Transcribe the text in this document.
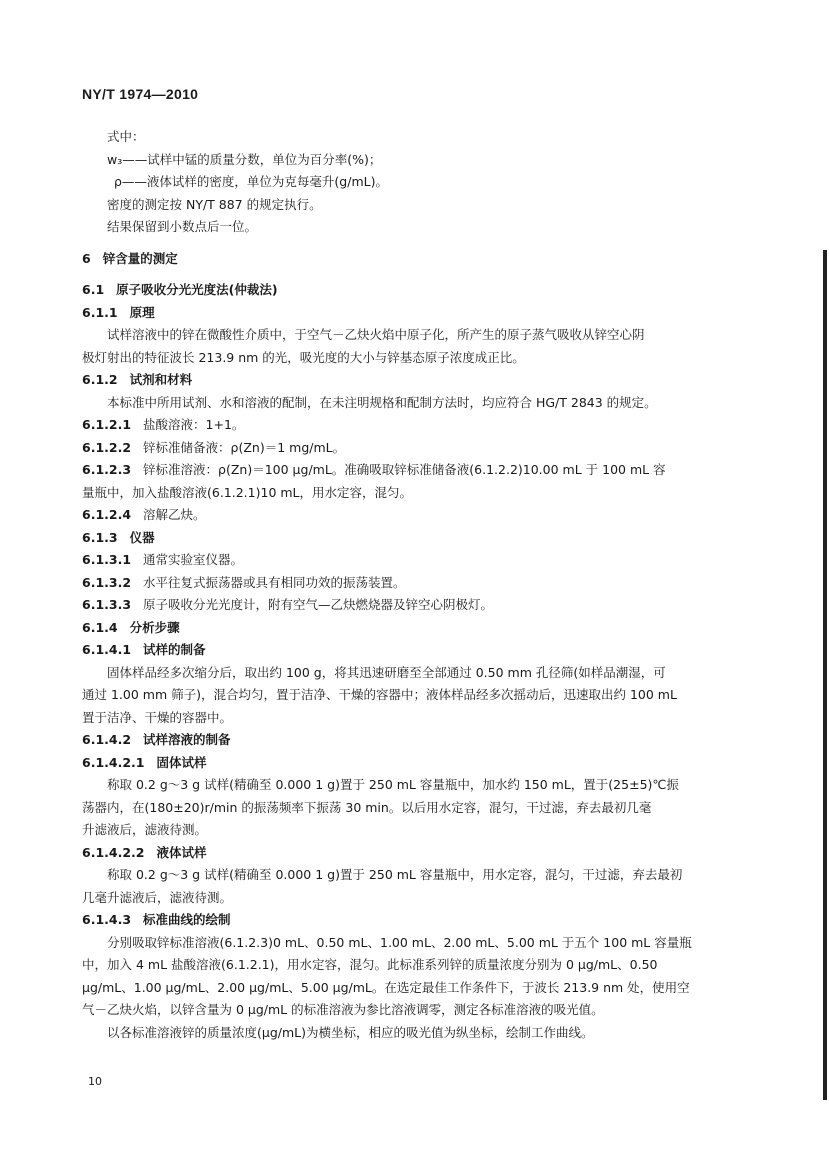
NY/T 1974—2010
式中：
w₃——试样中锰的质量分数，单位为百分率(%)；
ρ——液体试样的密度，单位为克每毫升(g/mL)。
密度的测定按 NY/T 887 的规定执行。
结果保留到小数点后一位。
6 锌含量的测定
6.1 原子吸收分光光度法(仲裁法)
6.1.1 原理
试样溶液中的锌在微酸性介质中，于空气－乙炔火焰中原子化，所产生的原子蒸气吸收从锌空心阴
极灯射出的特征波长 213.9 nm 的光，吸光度的大小与锌基态原子浓度成正比。
6.1.2 试剂和材料
本标准中所用试剂、水和溶液的配制，在未注明规格和配制方法时，均应符合 HG/T 2843 的规定。
6.1.2.1 盐酸溶液：1+1。
6.1.2.2 锌标准储备液：ρ(Zn)＝1 mg/mL。
6.1.2.3 锌标准溶液：ρ(Zn)＝100 μg/mL。准确吸取锌标准储备液(6.1.2.2)10.00 mL 于 100 mL 容
量瓶中，加入盐酸溶液(6.1.2.1)10 mL，用水定容，混匀。
6.1.2.4 溶解乙炔。
6.1.3 仪器
6.1.3.1 通常实验室仪器。
6.1.3.2 水平往复式振荡器或具有相同功效的振荡装置。
6.1.3.3 原子吸收分光光度计，附有空气—乙炔燃烧器及锌空心阴极灯。
6.1.4 分析步骤
6.1.4.1 试样的制备
固体样品经多次缩分后，取出约 100 g，将其迅速研磨至全部通过 0.50 mm 孔径筛(如样品潮湿，可
通过 1.00 mm 筛子)，混合均匀，置于洁净、干燥的容器中；液体样品经多次摇动后，迅速取出约 100 mL
置于洁净、干燥的容器中。
6.1.4.2 试样溶液的制备
6.1.4.2.1 固体试样
称取 0.2 g～3 g 试样(精确至 0.000 1 g)置于 250 mL 容量瓶中，加水约 150 mL，置于(25±5)℃振
荡器内，在(180±20)r/min 的振荡频率下振荡 30 min。以后用水定容，混匀，干过滤，弃去最初几毫
升滤液后，滤液待测。
6.1.4.2.2 液体试样
称取 0.2 g～3 g 试样(精确至 0.000 1 g)置于 250 mL 容量瓶中，用水定容，混匀，干过滤，弃去最初
几毫升滤液后，滤液待测。
6.1.4.3 标准曲线的绘制
分别吸取锌标准溶液(6.1.2.3)0 mL、0.50 mL、1.00 mL、2.00 mL、5.00 mL 于五个 100 mL 容量瓶
中，加入 4 mL 盐酸溶液(6.1.2.1)，用水定容，混匀。此标准系列锌的质量浓度分别为 0 μg/mL、0.50
μg/mL、1.00 μg/mL、2.00 μg/mL、5.00 μg/mL。在选定最佳工作条件下，于波长 213.9 nm 处，使用空
气－乙炔火焰，以锌含量为 0 μg/mL 的标准溶液为参比溶液调零，测定各标准溶液的吸光值。
以各标准溶液锌的质量浓度(μg/mL)为横坐标，相应的吸光值为纵坐标，绘制工作曲线。
10
